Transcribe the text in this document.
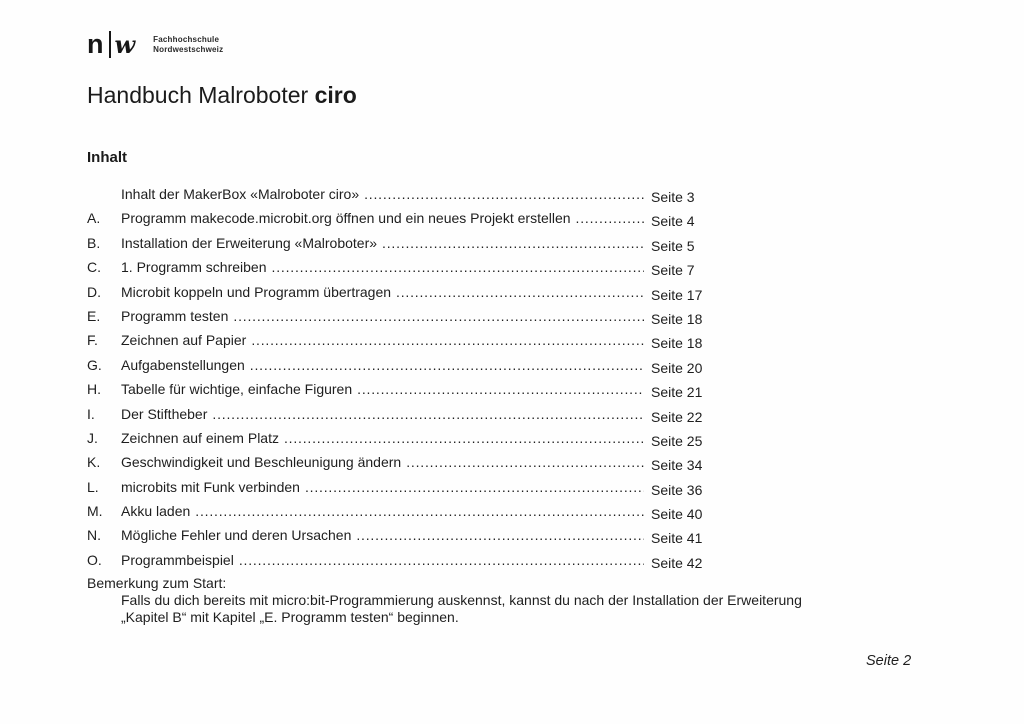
n w Fachhochschule
Nordwestschweiz
Handbuch Malroboter ciro
Inhalt
Inhalt der MakerBox «Malroboter ciro» .....	Seite 3
A.	Programm makecode.microbit.org öffnen und ein neues Projekt erstellen .....	Seite 4
B.	Installation der Erweiterung «Malroboter» .....	Seite 5
C.	1. Programm schreiben .....	Seite 7
D.	Microbit koppeln und Programm übertragen .....	Seite 17
E.	Programm testen .....	Seite 18
F.	Zeichnen auf Papier .....	Seite 18
G.	Aufgabenstellungen .....	Seite 20
H.	Tabelle für wichtige, einfache Figuren .....	Seite 21
I.	Der Stiftheber .....	Seite 22
J.	Zeichnen auf einem Platz .....	Seite 25
K.	Geschwindigkeit und Beschleunigung ändern .....	Seite 34
L.	microbits mit Funk verbinden .....	Seite 36
M.	Akku laden .....	Seite 40
N.	Mögliche Fehler und deren Ursachen .....	Seite 41
O.	Programmbeispiel .....	Seite 42
Bemerkung zum Start:
Falls du dich bereits mit micro:bit-Programmierung auskennst, kannst du nach der Installation der Erweiterung
„Kapitel B“ mit Kapitel „E. Programm testen“ beginnen.
Seite 2
